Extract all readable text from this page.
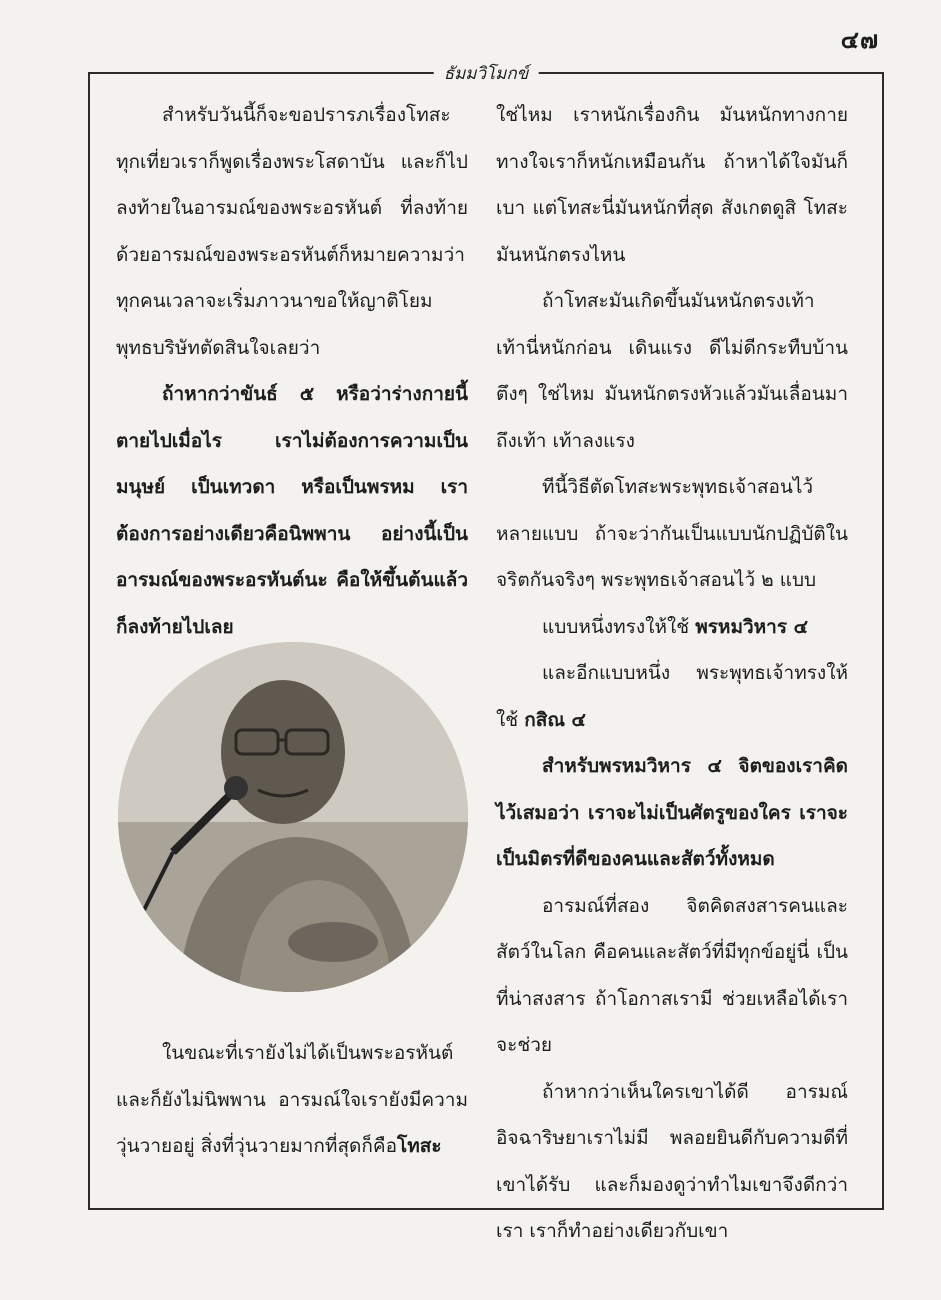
๔๗
ธัมมวิโมกข์

สำหรับวันนี้ก็จะขอปรารภเรื่องโทสะ ทุกเที่ยวเราก็พูดเรื่องพระโสดาบัน และก็ไปลงท้ายในอารมณ์ของพระอรหันต์ ที่ลงท้ายด้วยอารมณ์ของพระอรหันต์ก็หมายความว่า ทุกคนเวลาจะเริ่มภาวนาขอให้ญาติโยมพุทธบริษัทตัดสินใจเลยว่า

ถ้าหากว่าขันธ์ ๕ หรือว่าร่างกายนี้ตายไปเมื่อไร เราไม่ต้องการความเป็นมนุษย์ เป็นเทวดา หรือเป็นพรหม เราต้องการอย่างเดียวคือนิพพาน อย่างนี้เป็นอารมณ์ของพระอรหันต์นะ คือให้ขึ้นต้นแล้วก็ลงท้ายไปเลย

ในขณะที่เรายังไม่ได้เป็นพระอรหันต์ และก็ยังไม่นิพพาน อารมณ์ใจเรายังมีความวุ่นวายอยู่ สิ่งที่วุ่นวายมากที่สุดก็คือโทสะ

ใช่ไหม เราหนักเรื่องกิน มันหนักทางกาย ทางใจเราก็หนักเหมือนกัน ถ้าหาได้ใจมันก็เบา แต่โทสะนี่มันหนักที่สุด สังเกตดูสิ โทสะมันหนักตรงไหน

ถ้าโทสะมันเกิดขึ้นมันหนักตรงเท้า เท้านี่หนักก่อน เดินแรง ดีไม่ดีกระทืบบ้าน ตึงๆ ใช่ไหม มันหนักตรงหัวแล้วมันเลื่อนมาถึงเท้า เท้าลงแรง

ทีนี้วิธีตัดโทสะพระพุทธเจ้าสอนไว้หลายแบบ ถ้าจะว่ากันเป็นแบบนักปฏิบัติในจริตกันจริงๆ พระพุทธเจ้าสอนไว้ ๒ แบบ

แบบหนึ่งทรงให้ใช้ พรหมวิหาร ๔

และอีกแบบหนึ่ง พระพุทธเจ้าทรงให้ใช้ กสิณ ๔

สำหรับพรหมวิหาร ๔ จิตของเราคิดไว้เสมอว่า เราจะไม่เป็นศัตรูของใคร เราจะเป็นมิตรที่ดีของคนและสัตว์ทั้งหมด

อารมณ์ที่สอง จิตคิดสงสารคนและสัตว์ในโลก คือคนและสัตว์ที่มีทุกข์อยู่นี่ เป็นที่น่าสงสาร ถ้าโอกาสเรามี ช่วยเหลือได้เราจะช่วย

ถ้าหากว่าเห็นใครเขาได้ดี อารมณ์อิจฉาริษยาเราไม่มี พลอยยินดีกับความดีที่เขาได้รับ และก็มองดูว่าทำไมเขาจึงดีกว่าเรา เราก็ทำอย่างเดียวกับเขา
